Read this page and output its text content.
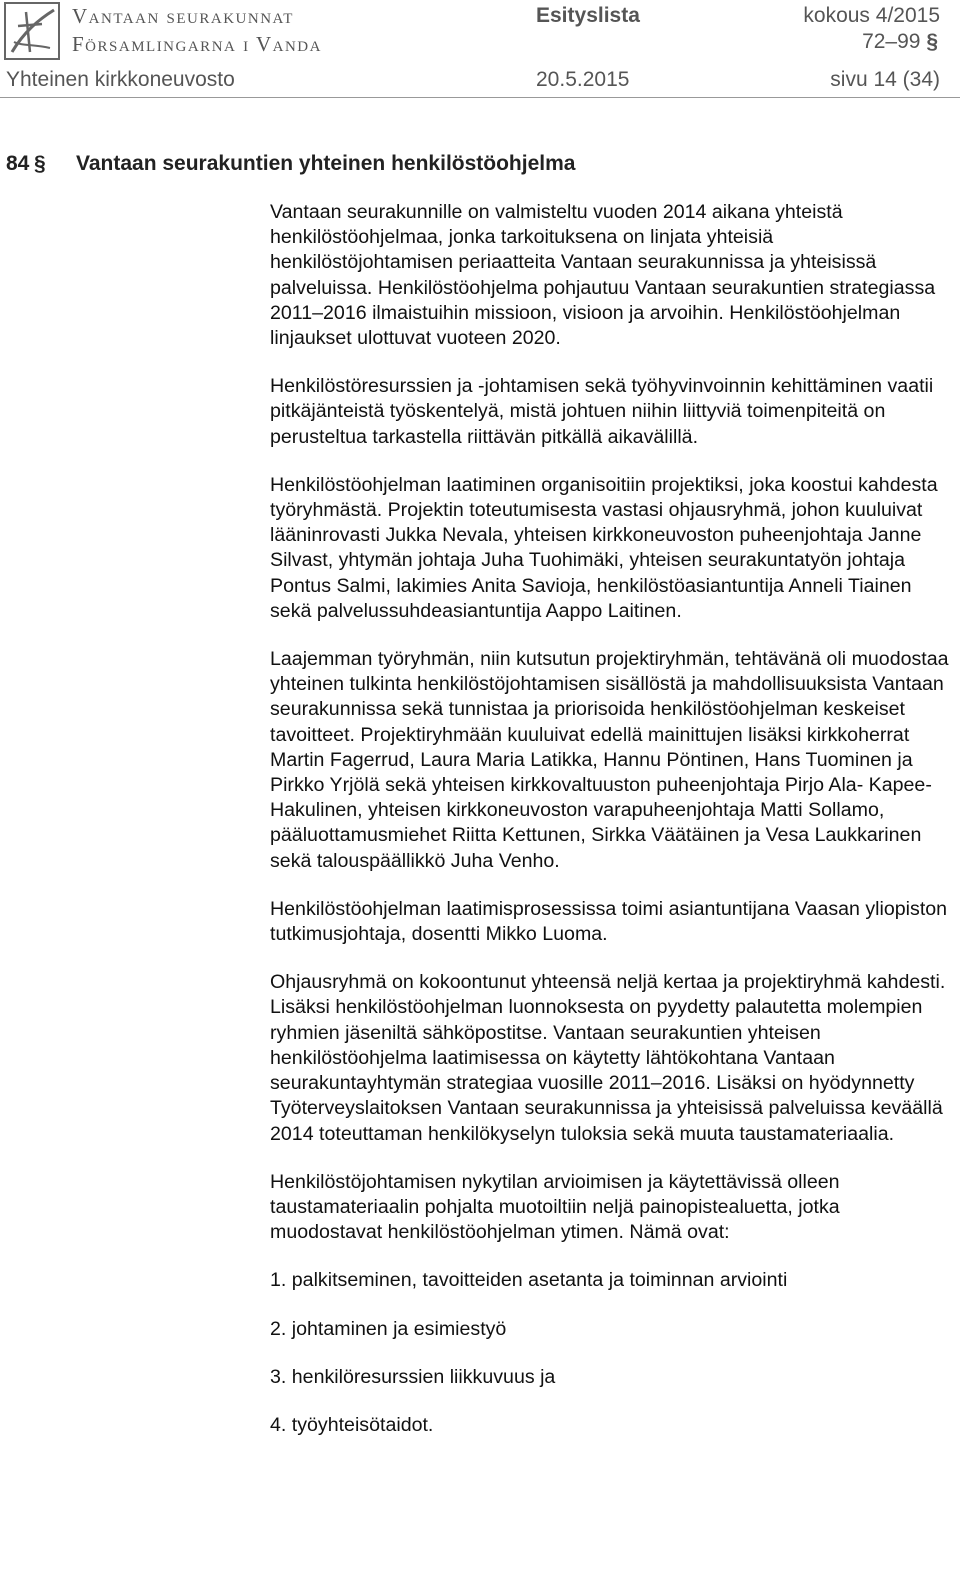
Vantaan seurakunnat
Församlingarna i Vanda
Esityslista	kokous 4/2015
72–99 §
Yhteinen kirkkoneuvosto	20.5.2015	sivu 14 (34)
84 § Vantaan seurakuntien yhteinen henkilöstöohjelma

Vantaan seurakunnille on valmisteltu vuoden 2014 aikana yhteistä henkilöstöohjelmaa, jonka tarkoituksena on linjata yhteisiä henkilöstöjohtamisen periaatteita Vantaan seurakunnissa ja yhteisissä palveluissa. Henkilöstöohjelma pohjautuu Vantaan seurakuntien strategiassa 2011–2016 ilmaistuihin missioon, visioon ja arvoihin. Henkilöstöohjelman linjaukset ulottuvat vuoteen 2020.

Henkilöstöresurssien ja -johtamisen sekä työhyvinvoinnin kehittäminen vaatii pitkäjänteistä työskentelyä, mistä johtuen niihin liittyviä toimenpiteitä on perusteltua tarkastella riittävän pitkällä aikavälillä.

Henkilöstöohjelman laatiminen organisoitiin projektiksi, joka koostui kahdesta työryhmästä. Projektin toteutumisesta vastasi ohjausryhmä, johon kuuluivat lääninrovasti Jukka Nevala, yhteisen kirkkoneuvoston puheenjohtaja Janne Silvast, yhtymän johtaja Juha Tuohimäki, yhteisen seurakuntatyön johtaja Pontus Salmi, lakimies Anita Savioja, henkilöstöasiantuntija Anneli Tiainen sekä palvelussuhdeasiantuntija Aappo Laitinen.

Laajemman työryhmän, niin kutsutun projektiryhmän, tehtävänä oli muodostaa yhteinen tulkinta henkilöstöjohtamisen sisällöstä ja mahdollisuuksista Vantaan seurakunnissa sekä tunnistaa ja priorisoida henkilöstöohjelman keskeiset tavoitteet. Projektiryhmään kuuluivat edellä mainittujen lisäksi kirkkoherrat Martin Fagerrud, Laura Maria Latikka, Hannu Pöntinen, Hans Tuominen ja Pirkko Yrjölä sekä yhteisen kirkkovaltuuston puheenjohtaja Pirjo Ala- Kapee-Hakulinen, yhteisen kirkkoneuvoston varapuheenjohtaja Matti Sollamo, pääluottamusmiehet Riitta Kettunen, Sirkka Väätäinen ja Vesa Laukkarinen sekä talouspäällikkö Juha Venho.

Henkilöstöohjelman laatimisprosessissa toimi asiantuntijana Vaasan yliopiston tutkimusjohtaja, dosentti Mikko Luoma.

Ohjausryhmä on kokoontunut yhteensä neljä kertaa ja projektiryhmä kahdesti. Lisäksi henkilöstöohjelman luonnoksesta on pyydetty palautetta molempien ryhmien jäseniltä sähköpostitse. Vantaan seurakuntien yhteisen henkilöstöohjelma laatimisessa on käytetty lähtökohtana Vantaan seurakuntayhtymän strategiaa vuosille 2011–2016. Lisäksi on hyödynnetty Työterveyslaitoksen Vantaan seurakunnissa ja yhteisissä palveluissa keväällä 2014 toteuttaman henkilökyselyn tuloksia sekä muuta taustamateriaalia.

Henkilöstöjohtamisen nykytilan arvioimisen ja käytettävissä olleen taustamateriaalin pohjalta muotoiltiin neljä painopistealuetta, jotka muodostavat henkilöstöohjelman ytimen. Nämä ovat:

1. palkitseminen, tavoitteiden asetanta ja toiminnan arviointi

2. johtaminen ja esimiestyö

3. henkilöresurssien liikkuvuus ja

4. työyhteisötaidot.
